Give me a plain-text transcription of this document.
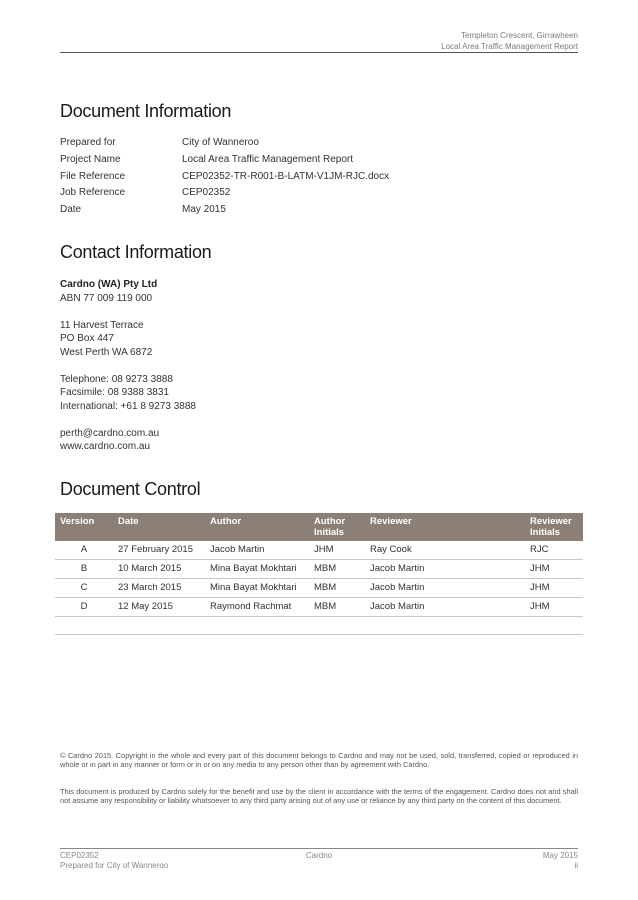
Templeton Crescent, Girrawheen
Local Area Traffic Management Report
Document Information
Prepared for	City of Wanneroo
Project Name	Local Area Traffic Management Report
File Reference	CEP02352-TR-R001-B-LATM-V1JM-RJC.docx
Job Reference	CEP02352
Date	May 2015
Contact Information
Cardno (WA) Pty Ltd
ABN 77 009 119 000
11 Harvest Terrace
PO Box 447
West Perth WA 6872
Telephone: 08 9273 3888
Facsimile: 08 9388 3831
International: +61 8 9273 3888
perth@cardno.com.au
www.cardno.com.au
Document Control
Version	Date	Author	Author Initials	Reviewer	Reviewer Initials
A	27 February 2015	Jacob Martin	JHM	Ray Cook	RJC
B	10 March 2015	Mina Bayat Mokhtari	MBM	Jacob Martin	JHM
C	23 March 2015	Mina Bayat Mokhtari	MBM	Jacob Martin	JHM
D	12 May 2015	Raymond Rachmat	MBM	Jacob Martin	JHM

© Cardno 2015. Copyright in the whole and every part of this document belongs to Cardno and may not be used, sold, transferred, copied or reproduced in whole or in part in any manner or form or in or on any media to any person other than by agreement with Cardno.

This document is produced by Cardno solely for the benefit and use by the client in accordance with the terms of the engagement. Cardno does not and shall not assume any responsibility or liability whatsoever to any third party arising out of any use or reliance by any third party on the content of this document.

CEP02352
Prepared for City of Wanneroo
Cardno	May 2015
ii
